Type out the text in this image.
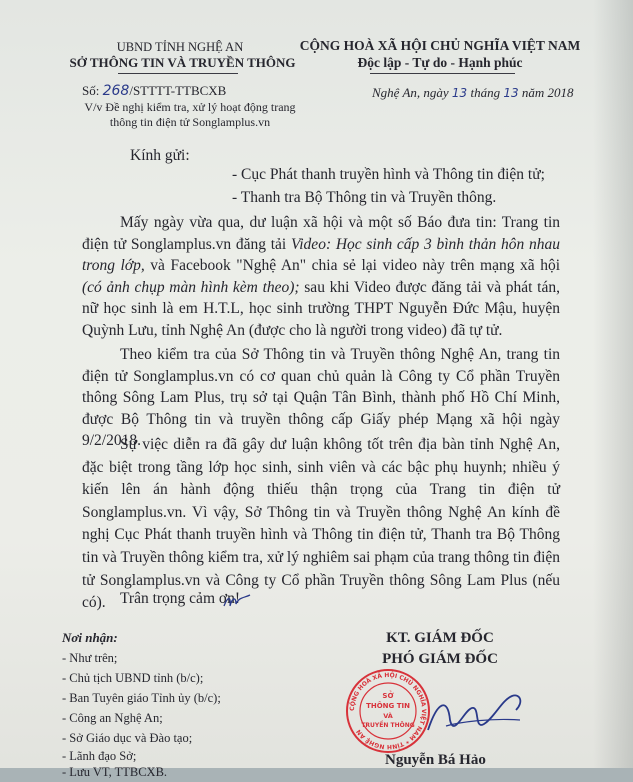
UBND TỈNH NGHỆ AN
SỞ THÔNG TIN VÀ TRUYỀN THÔNG
CỘNG HOÀ XÃ HỘI CHỦ NGHĨA VIỆT NAM
Độc lập - Tự do - Hạnh phúc
Số: 268/STTTT-TTBCXB
V/v Đề nghị kiểm tra, xử lý hoạt động trang
thông tin điện tử Songlamplus.vn
Nghệ An, ngày 13 tháng 13 năm 2018
Kính gửi:
- Cục Phát thanh truyền hình và Thông tin điện tử;
- Thanh tra Bộ Thông tin và Truyền thông.
Mấy ngày vừa qua, dư luận xã hội và một số Báo đưa tin: Trang tin điện tử Songlamplus.vn đăng tải Video: Học sinh cấp 3 bình thản hôn nhau trong lớp, và Facebook "Nghệ An" chia sẻ lại video này trên mạng xã hội (có ảnh chụp màn hình kèm theo); sau khi Video được đăng tải và phát tán, nữ học sinh là em H.T.L, học sinh trường THPT Nguyễn Đức Mậu, huyện Quỳnh Lưu, tỉnh Nghệ An (được cho là người trong video) đã tự tử.
Theo kiểm tra của Sở Thông tin và Truyền thông Nghệ An, trang tin điện tử Songlamplus.vn có cơ quan chủ quản là Công ty Cổ phần Truyền thông Sông Lam Plus, trụ sở tại Quận Tân Bình, thành phố Hồ Chí Minh, được Bộ Thông tin và truyền thông cấp Giấy phép Mạng xã hội ngày 9/2/2018.
Sự việc diễn ra đã gây dư luận không tốt trên địa bàn tỉnh Nghệ An, đặc biệt trong tầng lớp học sinh, sinh viên và các bậc phụ huynh; nhiều ý kiến lên án hành động thiếu thận trọng của Trang tin điện tử Songlamplus.vn. Vì vậy, Sở Thông tin và Truyền thông Nghệ An kính đề nghị Cục Phát thanh truyền hình và Thông tin điện tử, Thanh tra Bộ Thông tin và Truyền thông kiểm tra, xử lý nghiêm sai phạm của trang thông tin điện tử Songlamplus.vn và Công ty Cổ phần Truyền thông Sông Lam Plus (nếu có). Trân trọng cảm ơn!
Nơi nhận:
- Như trên;
- Chủ tịch UBND tỉnh (b/c);
- Ban Tuyên giáo Tỉnh ủy (b/c);
- Công an Nghệ An;
- Sở Giáo dục và Đào tạo;
- Lãnh đạo Sở;
- Lưu VT, TTBCXB.
KT. GIÁM ĐỐC
PHÓ GIÁM ĐỐC
CỘNG HOÀ XÃ HỘI CHỦ NGHĨA VIỆT NAM * TỈNH NGHỆ AN
SỞ
THÔNG TIN
VÀ
TRUYỀN THÔNG
Nguyễn Bá Hảo
